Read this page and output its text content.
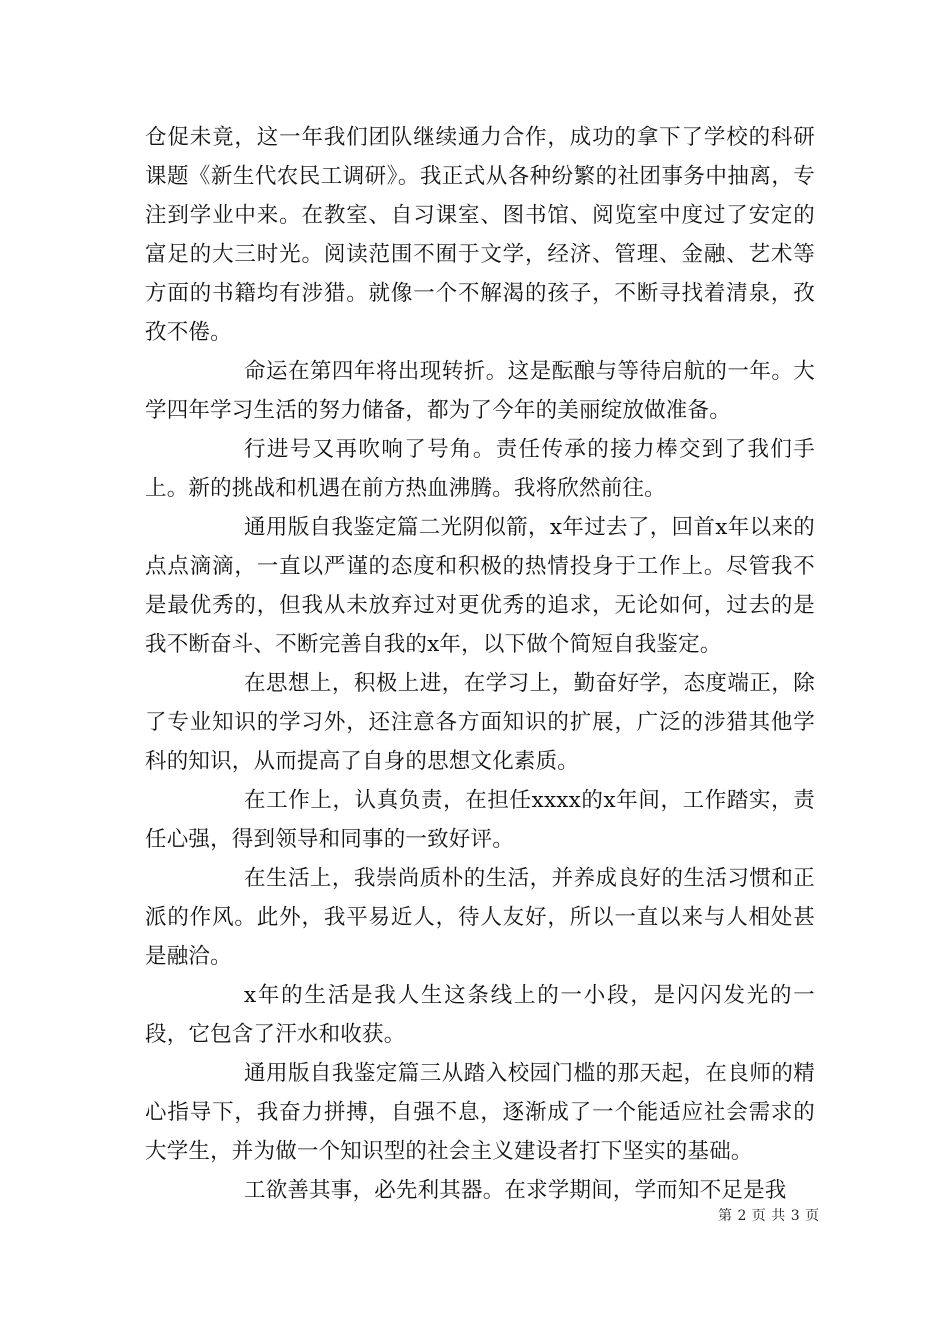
仓促未竟，这一年我们团队继续通力合作，成功的拿下了学校的科研课题《新生代农民工调研》。我正式从各种纷繁的社团事务中抽离，专注到学业中来。在教室、自习课室、图书馆、阅览室中度过了安定的富足的大三时光。阅读范围不囿于文学，经济、管理、金融、艺术等方面的书籍均有涉猎。就像一个不解渴的孩子，不断寻找着清泉，孜孜不倦。

命运在第四年将出现转折。这是酝酿与等待启航的一年。大学四年学习生活的努力储备，都为了今年的美丽绽放做准备。

行进号又再吹响了号角。责任传承的接力棒交到了我们手上。新的挑战和机遇在前方热血沸腾。我将欣然前往。

通用版自我鉴定篇二光阴似箭，x年过去了，回首x年以来的点点滴滴，一直以严谨的态度和积极的热情投身于工作上。尽管我不是最优秀的，但我从未放弃过对更优秀的追求，无论如何，过去的是我不断奋斗、不断完善自我的x年，以下做个简短自我鉴定。

在思想上，积极上进，在学习上，勤奋好学，态度端正，除了专业知识的学习外，还注意各方面知识的扩展，广泛的涉猎其他学科的知识，从而提高了自身的思想文化素质。

在工作上，认真负责，在担任xxxx的x年间，工作踏实，责任心强，得到领导和同事的一致好评。

在生活上，我崇尚质朴的生活，并养成良好的生活习惯和正派的作风。此外，我平易近人，待人友好，所以一直以来与人相处甚是融洽。

x年的生活是我人生这条线上的一小段，是闪闪发光的一段，它包含了汗水和收获。

通用版自我鉴定篇三从踏入校园门槛的那天起，在良师的精心指导下，我奋力拼搏，自强不息，逐渐成了一个能适应社会需求的大学生，并为做一个知识型的社会主义建设者打下坚实的基础。

工欲善其事，必先利其器。在求学期间，学而知不足是我

第 2 页 共 3 页
